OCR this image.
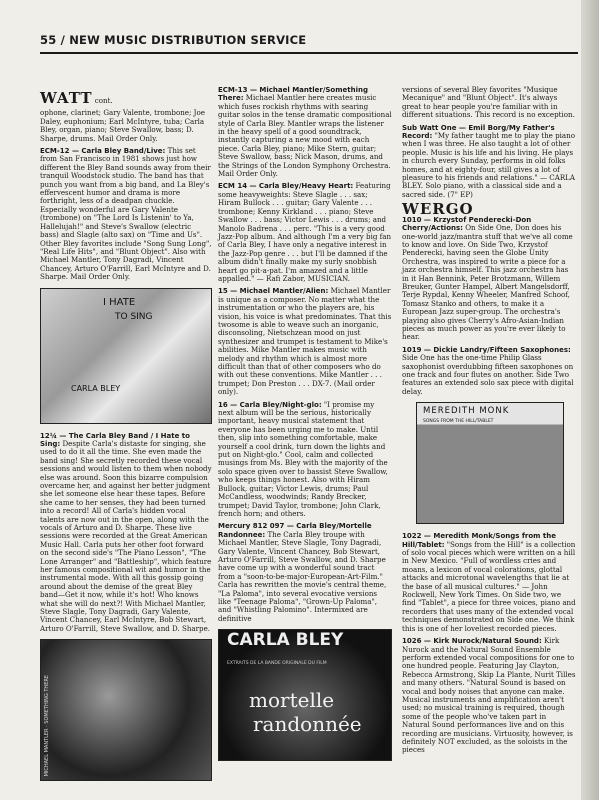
55 / NEW MUSIC DISTRIBUTION SERVICE
WATT cont.
ophone, clarinet; Gary Valente, trombone; Joe Daley, euphonium; Earl McIntyre, tuba; Carla Bley, organ, piano; Steve Swallow, bass; D. Sharpe, drums. Mail Order Only.
ECM-12 — Carla Bley Band/Live: This set from San Francisco in 1981 shows just how different the Bley Band sounds away from their tranquil Woodstock studio. The band has that punch you want from a big band, and La Bley's effervescent humor and drama is more forthright, less of a deadpan chuckle. Especially wonderful are Gary Valente (trombone) on "The Lord Is Listenin' to Ya, Hallelujah!" and Steve's Swallow (electric bass) and Slagle (alto sax) on "Time and Us". Other Bley favorites include "Song Sung Long", "Real Life Hits", and "Blunt Object". Also with Michael Mantler, Tony Dagradi, Vincent Chancey, Arturo O'Farrill, Earl McIntyre and D. Sharpe. Mail Order Only.
I HATE
TO SING
CARLA BLEY
12¼ — The Carla Bley Band / I Hate to Sing: Despite Carla's distaste for singing, she used to do it all the time. She even made the band sing! She secretly recorded these vocal sessions and would listen to them when nobody else was around. Soon this bizarre compulsion overcame her, and against her better judgment she let someone else hear these tapes. Before she came to her senses, they had been turned into a record! All of Carla's hidden vocal talents are now out in the open, along with the vocals of Arturo and D. Sharpe. These live sessions were recorded at the Great American Music Hall. Carla puts her other foot forward on the second side's "The Piano Lesson", "The Lone Arranger" and "Battleship", which feature her famous compositional wit and humor in the instrumental mode. With all this gossip going around about the demise of the great Bley band—Get it now, while it's hot! Who knows what she will do next?! With Michael Mantler, Steve Slagle, Tony Dagradi, Gary Valente, Vincent Chancey, Earl McIntyre, Bob Stewart, Arturo O'Farrill, Steve Swallow, and D. Sharpe.
MICHAEL MANTLER · SOMETHING THERE
ECM-13 — Michael Mantler/Something There: Michael Mantler here creates music which fuses rockish rhythms with searing guitar solos in the tense dramatic compositional style of Carla Bley. Mantler wraps the listener in the heavy spell of a good soundtrack, instantly capturing a new mood with each piece. Carla Bley, piano; Mike Stern, guitar; Steve Swallow, bass; Nick Mason, drums, and the Strings of the London Symphony Orchestra. Mail Order Only.
ECM 14 — Carla Bley/Heavy Heart: Featuring some heavyweights: Steve Slagle . . . sax; Hiram Bullock . . . guitar; Gary Valente . . . trombone; Kenny Kirkland . . . piano; Steve Swallow . . . bass; Victor Lewis . . . drums; and Manolo Badrena . . . perc. "This is a very good Jazz-Pop album. And although I'm a very big fan of Carla Bley, I have only a negative interest in the Jazz-Pop genre . . . but I'll be damned if the album didn't finally make my surly snobbish heart go pit-a-pat. I'm amazed and a little appalled." — Rafi Zabor, MUSICIAN.
15 — Michael Mantler/Alien: Michael Mantler is unique as a composer. No matter what the instrumentation or who the players are, his vision, his voice is what predominates. That this twosome is able to weave such an inorganic, disconsoling, Nietschzean mood on just synthesizer and trumpet is testament to Mike's abilities. Mike Mantler makes music with melody and rhythm which is almost more difficult than that of other composers who do with out these conventions. Mike Mantler . . . trumpet; Don Preston . . . DX-7. (Mail order only).
16 — Carla Bley/Night-glo: "I promise my next album will be the serious, historically important, heavy musical statement that everyone has been urging me to make. Until then, slip into something comfortable, make yourself a cool drink, turn down the lights and put on Night-glo." Cool, calm and collected musings from Ms. Bley with the majority of the solo space given over to bassist Steve Swallow, who keeps things honest. Also with Hiram Bullock, guitar; Victor Lewis, drums; Paul McCandless, woodwinds; Randy Brecker, trumpet; David Taylor, trombone; John Clark, french horn; and others.
Mercury 812 097 — Carla Bley/Mortelle Randonnee: The Carla Bley troupe with Michael Mantler, Steve Slagle, Tony Dagradi, Gary Valente, Vincent Chancey, Bob Stewart, Arturo O'Farrill, Steve Swallow, and D. Sharpe have come up with a wonderful sound tract from a "soon-to-be-major-European-Art-Film." Carla has rewritten the movie's central theme, "La Paloma", into several evocative versions like "Teenage Paloma", "Grown-Up Paloma", and "Whistling Palomino". Intermixed are definitive
CARLA BLEY
EXTRAITS DE LA BANDE ORIGINALE DU FILM
mortelle
randonnée
versions of several Bley favorites "Musique Mecanique" and "Blunt Object". It's always great to hear people you're familiar with in different situations. This record is no exception.
Sub Watt One — Emil Borg/My Father's Record: "My father taught me to play the piano when I was three. He also taught a lot of other people. Music is his life and his living. He plays in church every Sunday, performs in old folks homes, and at eighty-four, still gives a lot of pleasure to his friends and relations." — CARLA BLEY. Solo piano, with a classical side and a sacred side. (7" EP)
WERGO
1010 — Krzystof Penderecki-Don Cherry/Actions: On Side One, Don does his one-world jazz/mantra stuff that we've all come to know and love. On Side Two, Krzystof Penderecki, having seen the Globe Unity Orchestra, was inspired to write a piece for a jazz orchestra himself. This jazz orchestra has in it Han Bennink, Peter Brotzmann, Willem Breuker, Gunter Hampel, Albert Mangelsdorff, Terje Rypdal, Kenny Wheeler, Manfred Schoof, Tomasz Stanko and others, to make it a European Jazz super-group. The orchestra's playing also gives Cherry's Afro-Asian-Indian pieces as much power as you're ever likely to hear.
1019 — Dickie Landry/Fifteen Saxophones: Side One has the one-time Philip Glass saxophonist overdubbing fifteen saxophones on one track and four flutes on another. Side Two features an extended solo sax piece with digital delay.
MEREDITH MONK
SONGS FROM THE HILL/TABLET
1022 — Meredith Monk/Songs from the Hill/Tablet: "Songs from the Hill" is a collection of solo vocal pieces which were written on a hill in New Mexico. "Full of wordless cries and moans, a lexicon of vocal colorations, glottal attacks and microtonal wavelengths that lie at the base of all musical cultures." — John Rockwell, New York Times. On Side two, we find "Tablet", a piece for three voices, piano and recorders that uses many of the extended vocal techniques demonstrated on Side one. We think this is one of her loveliest recorded pieces.
1026 — Kirk Nurock/Natural Sound: Kirk Nurock and the Natural Sound Ensemble perform extended vocal compositions for one to one hundred people. Featuring Jay Clayton, Rebecca Armstrong, Skip La Plante, Nurit Tilles and many others. "Natural Sound is based on vocal and body noises that anyone can make. Musical instruments and amplification aren't used; no musical training is required, though some of the people who've taken part in Natural Sound performances live and on this recording are musicians. Virtuosity, however, is definitely NOT excluded, as the soloists in the pieces
